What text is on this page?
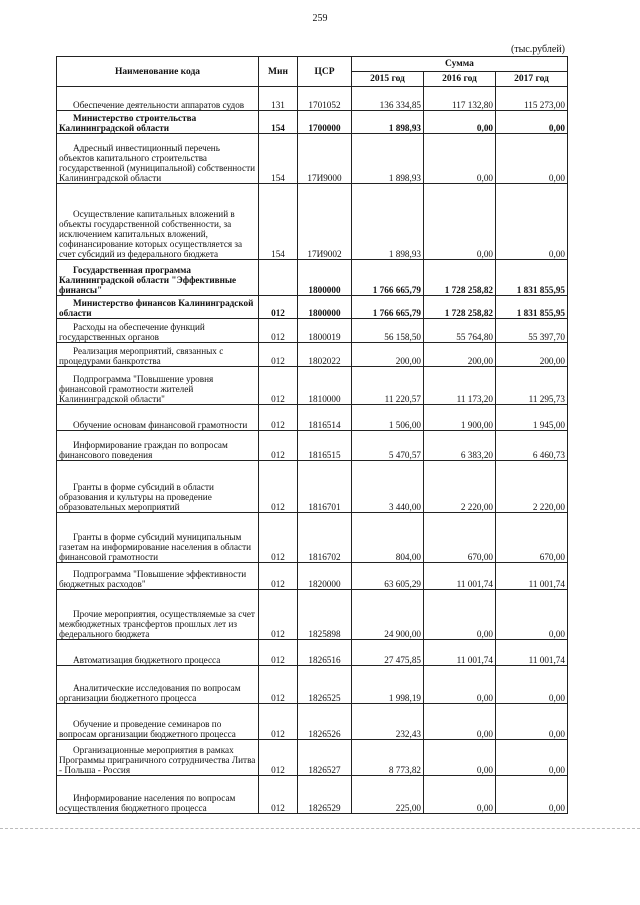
259
(тыс.рублей)
Наименование кода	Мин	ЦСР	Сумма		
			2015 год	2016 год	2017 год
Обеспечение деятельности аппаратов судов	131	1701052	136 334,85	117 132,80	115 273,00
Министерство строительства Калининградской области	154	1700000	1 898,93	0,00	0,00
Адресный инвестиционный перечень объектов капитального строительства государственной (муниципальной) собственности Калининградской области	154	17И9000	1 898,93	0,00	0,00
Осуществление капитальных вложений в объекты государственной собственности, за исключением капитальных вложений, софинансирование которых осуществляется за счет субсидий из федерального бюджета	154	17И9002	1 898,93	0,00	0,00
Государственная программа Калининградской области "Эффективные финансы"		1800000	1 766 665,79	1 728 258,82	1 831 855,95
Министерство финансов Калининградской области	012	1800000	1 766 665,79	1 728 258,82	1 831 855,95
Расходы на обеспечение функций государственных органов	012	1800019	56 158,50	55 764,80	55 397,70
Реализация мероприятий, связанных с процедурами банкротства	012	1802022	200,00	200,00	200,00
Подпрограмма "Повышение уровня финансовой грамотности жителей Калининградской области"	012	1810000	11 220,57	11 173,20	11 295,73
Обучение основам финансовой грамотности	012	1816514	1 506,00	1 900,00	1 945,00
Информирование граждан по вопросам финансового поведения	012	1816515	5 470,57	6 383,20	6 460,73
Гранты в форме субсидий в области образования и культуры на проведение образовательных мероприятий	012	1816701	3 440,00	2 220,00	2 220,00
Гранты в форме субсидий муниципальным газетам на информирование населения в области финансовой грамотности	012	1816702	804,00	670,00	670,00
Подпрограмма "Повышение эффективности бюджетных расходов"	012	1820000	63 605,29	11 001,74	11 001,74
Прочие мероприятия, осуществляемые за счет межбюджетных трансфертов прошлых лет из федерального бюджета	012	1825898	24 900,00	0,00	0,00
Автоматизация бюджетного процесса	012	1826516	27 475,85	11 001,74	11 001,74
Аналитические исследования по вопросам организации бюджетного процесса	012	1826525	1 998,19	0,00	0,00
Обучение и проведение семинаров по вопросам организации бюджетного процесса	012	1826526	232,43	0,00	0,00
Организационные мероприятия в рамках Программы приграничного сотрудничества Литва - Польша - Россия	012	1826527	8 773,82	0,00	0,00
Информирование населения по вопросам осуществления бюджетного процесса	012	1826529	225,00	0,00	0,00
